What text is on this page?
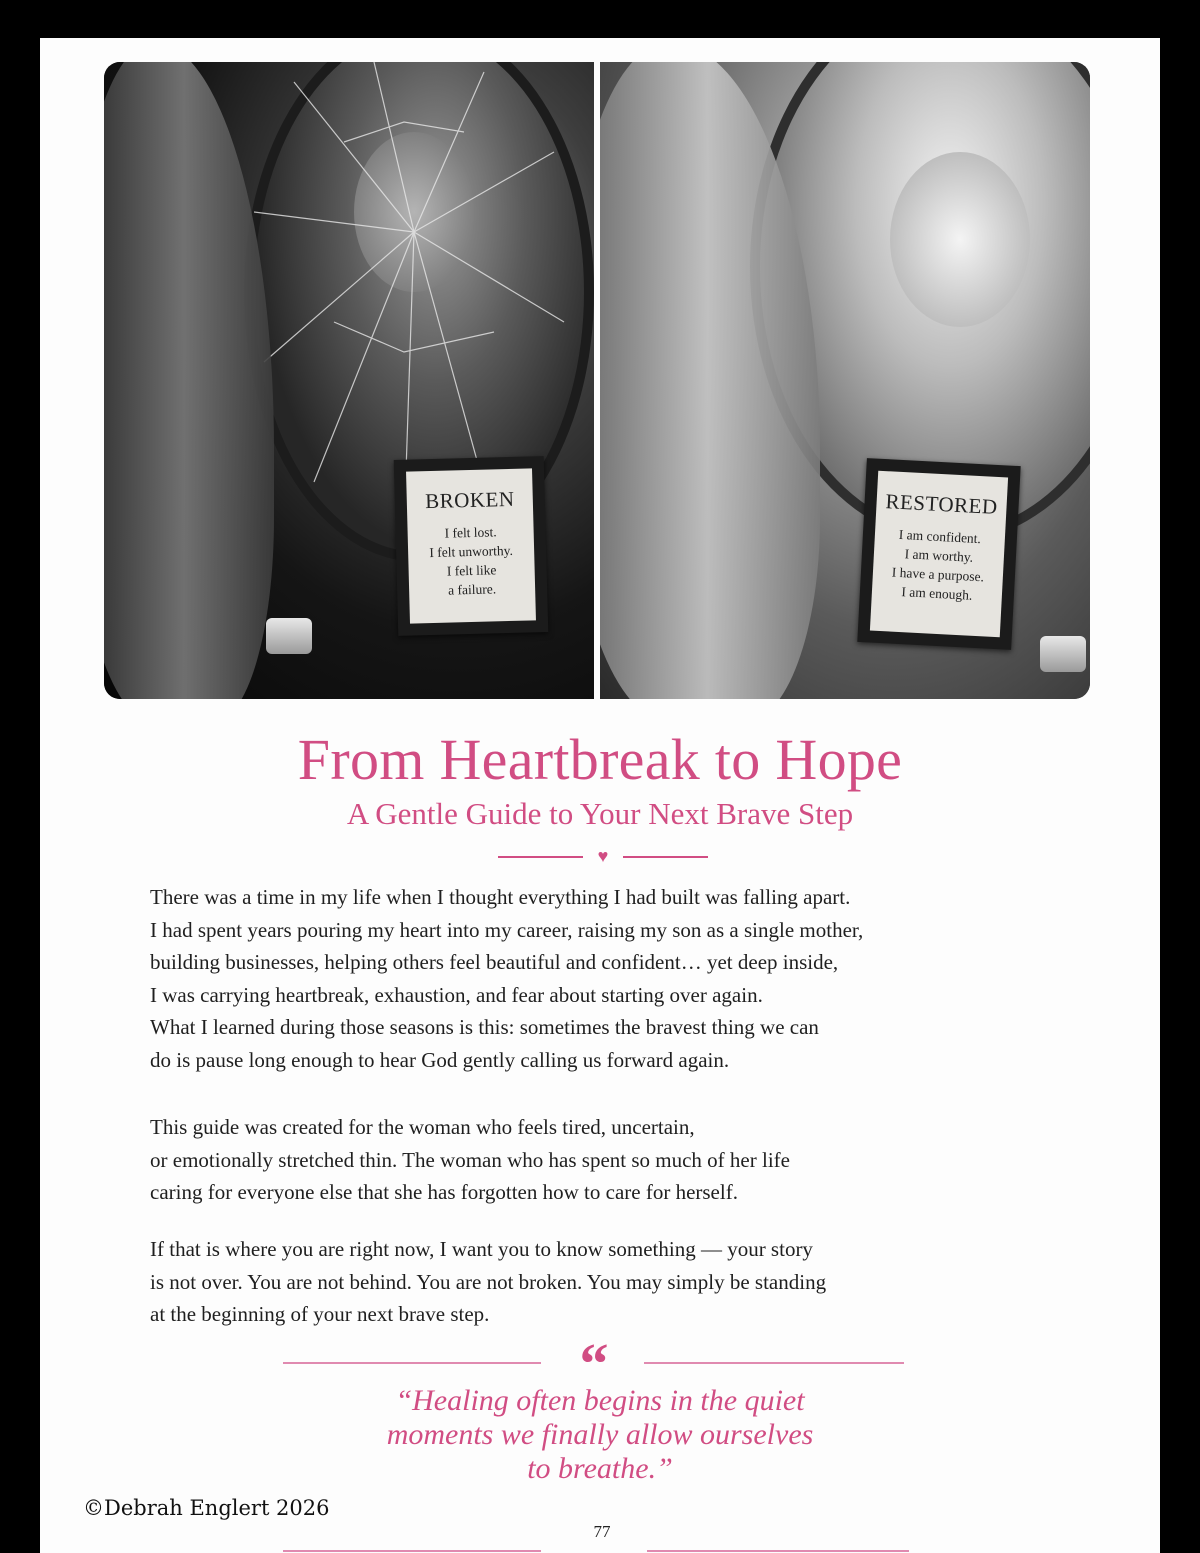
BROKEN
I felt lost.
I felt unworthy.
I felt like
a failure.
RESTORED
I am confident.
I am worthy.
I have a purpose.
I am enough.
From Heartbreak to Hope
A Gentle Guide to Your Next Brave Step
♥

There was a time in my life when I thought everything I had built was falling apart.

I had spent years pouring my heart into my career, raising my son as a single mother,

building businesses, helping others feel beautiful and confident… yet deep inside,

I was carrying heartbreak, exhaustion, and fear about starting over again.

What I learned during those seasons is this: sometimes the bravest thing we can

do is pause long enough to hear God gently calling us forward again.

This guide was created for the woman who feels tired, uncertain,

or emotionally stretched thin. The woman who has spent so much of her life

caring for everyone else that she has forgotten how to care for herself.

If that is where you are right now, I want you to know something — your story

is not over. You are not behind. You are not broken. You may simply be standing

at the beginning of your next brave step.

“
“Healing often begins in the quiet
moments we finally allow ourselves
to breathe.”
©Debrah Englert 2026
77
